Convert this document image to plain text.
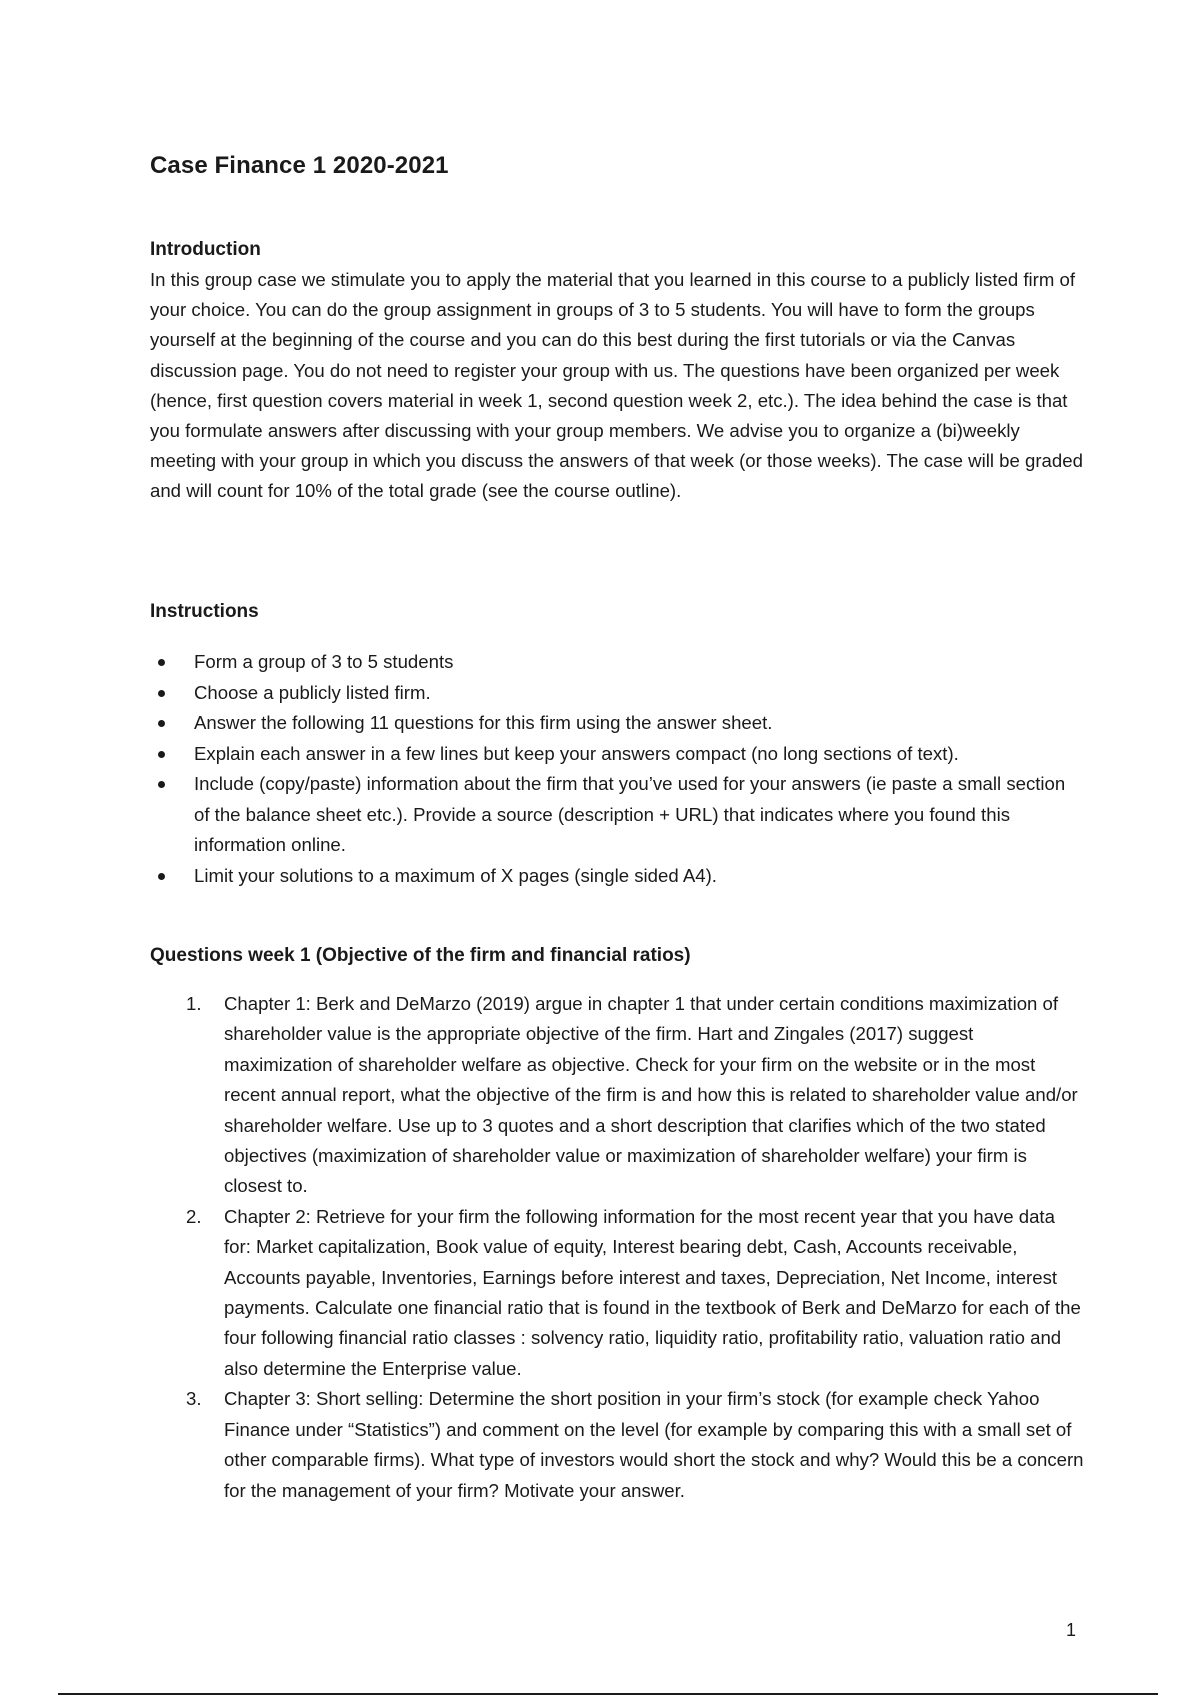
Case Finance 1 2020-2021
Introduction

In this group case we stimulate you to apply the material that you learned in this course to a publicly listed firm of your choice. You can do the group assignment in groups of 3 to 5 students. You will have to form the groups yourself at the beginning of the course and you can do this best during the first tutorials or via the Canvas discussion page. You do not need to register your group with us. The questions have been organized per week (hence, first question covers material in week 1, second question week 2, etc.). The idea behind the case is that you formulate answers after discussing with your group members. We advise you to organize a (bi)weekly meeting with your group in which you discuss the answers of that week (or those weeks). The case will be graded and will count for 10% of the total grade (see the course outline).

Instructions
Form a group of 3 to 5 students
Choose a publicly listed firm.
Answer the following 11 questions for this firm using the answer sheet.
Explain each answer in a few lines but keep your answers compact (no long sections of text).
Include (copy/paste) information about the firm that you’ve used for your answers (ie paste a small section of the balance sheet etc.). Provide a source (description + URL) that indicates where you found this information online.
Limit your solutions to a maximum of X pages (single sided A4).
Questions week 1 (Objective of the firm and financial ratios)
1. Chapter 1: Berk and DeMarzo (2019) argue in chapter 1 that under certain conditions maximization of shareholder value is the appropriate objective of the firm. Hart and Zingales (2017) suggest maximization of shareholder welfare as objective. Check for your firm on the website or in the most recent annual report, what the objective of the firm is and how this is related to shareholder value and/or shareholder welfare. Use up to 3 quotes and a short description that clarifies which of the two stated objectives (maximization of shareholder value or maximization of shareholder welfare) your firm is closest to.
2. Chapter 2: Retrieve for your firm the following information for the most recent year that you have data for: Market capitalization, Book value of equity, Interest bearing debt, Cash, Accounts receivable, Accounts payable, Inventories, Earnings before interest and taxes, Depreciation, Net Income, interest payments. Calculate one financial ratio that is found in the textbook of Berk and DeMarzo for each of the four following financial ratio classes : solvency ratio, liquidity ratio, profitability ratio, valuation ratio and also determine the Enterprise value.
3. Chapter 3: Short selling: Determine the short position in your firm’s stock (for example check Yahoo Finance under “Statistics”) and comment on the level (for example by comparing this with a small set of other comparable firms). What type of investors would short the stock and why? Would this be a concern for the management of your firm? Motivate your answer.
1
